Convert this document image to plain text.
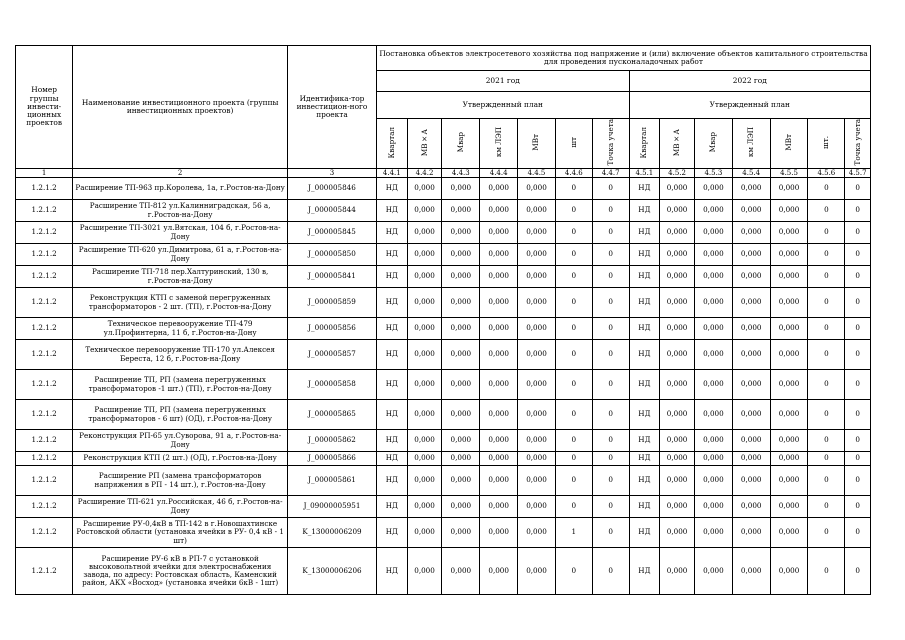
Номер группы инвести-ционных проектов	Наименование инвестиционного проекта (группы инвестиционных проектов)	Идентифика-тор инвестицион-ного проекта	Постановка объектов электросетевого хозяйства под напряжение и (или) включение объектов капитального строительства для проведения пусконаладочных работ													
			2021 год							2022 год						
			Утвержденный план							Утвержденный план						
			Квартал	МВ×А	Мвар	км ЛЭП	МВт	шт	Точка учета	Квартал	МВ×А	Мвар	км ЛЭП	МВт	шт.	Точка учета
1	2	3	4.4.1	4.4.2	4.4.3	4.4.4	4.4.5	4.4.6	4.4.7	4.5.1	4.5.2	4.5.3	4.5.4	4.5.5	4.5.6	4.5.7
1.2.1.2	Расширение ТП-963 пр.Королева, 1а, г.Ростов-на-Дону	J_000005846	НД	0,000	0,000	0,000	0,000	0	0	НД	0,000	0,000	0,000	0,000	0	0
1.2.1.2	Расширение ТП-812 ул.Калинниградская, 56 а, г.Ростов-на-Дону	J_000005844	НД	0,000	0,000	0,000	0,000	0	0	НД	0,000	0,000	0,000	0,000	0	0
1.2.1.2	Расширение ТП-3021 ул.Вятская, 104 б, г.Ростов-на-Дону	J_000005845	НД	0,000	0,000	0,000	0,000	0	0	НД	0,000	0,000	0,000	0,000	0	0
1.2.1.2	Расширение ТП-620 ул.Димитрова, 61 а, г.Ростов-на-Дону	J_000005850	НД	0,000	0,000	0,000	0,000	0	0	НД	0,000	0,000	0,000	0,000	0	0
1.2.1.2	Расширение ТП-718 пер.Халтуринский, 130 в, г.Ростов-на-Дону	J_000005841	НД	0,000	0,000	0,000	0,000	0	0	НД	0,000	0,000	0,000	0,000	0	0
1.2.1.2	Реконструкция КТП с заменой перегруженных трансформаторов - 2 шт. (ТП), г.Ростов-на-Дону	J_000005859	НД	0,000	0,000	0,000	0,000	0	0	НД	0,000	0,000	0,000	0,000	0	0
1.2.1.2	Техническое перевооружение ТП-479 ул.Профинтерна, 11 б, г.Ростов-на-Дону	J_000005856	НД	0,000	0,000	0,000	0,000	0	0	НД	0,000	0,000	0,000	0,000	0	0
1.2.1.2	Техническое перевооружение ТП-170 ул.Алексея Береста, 12 б, г.Ростов-на-Дону	J_000005857	НД	0,000	0,000	0,000	0,000	0	0	НД	0,000	0,000	0,000	0,000	0	0
1.2.1.2	Расширение ТП, РП (замена перегруженных трансформаторов -1 шт.) (ТП), г.Ростов-на-Дону	J_000005858	НД	0,000	0,000	0,000	0,000	0	0	НД	0,000	0,000	0,000	0,000	0	0
1.2.1.2	Расширение ТП, РП (замена перегруженных трансформаторов - 6 шт) (ОД), г.Ростов-на-Дону	J_000005865	НД	0,000	0,000	0,000	0,000	0	0	НД	0,000	0,000	0,000	0,000	0	0
1.2.1.2	Реконструкция РП-65 ул.Суворова, 91 а, г.Ростов-на-Дону	J_000005862	НД	0,000	0,000	0,000	0,000	0	0	НД	0,000	0,000	0,000	0,000	0	0
1.2.1.2	Реконструкция КТП (2 шт.) (ОД), г.Ростов-на-Дону	J_000005866	НД	0,000	0,000	0,000	0,000	0	0	НД	0,000	0,000	0,000	0,000	0	0
1.2.1.2	Расширение РП (замена трансформаторов напряжения в РП - 14 шт.), г.Ростов-на-Дону	J_000005861	НД	0,000	0,000	0,000	0,000	0	0	НД	0,000	0,000	0,000	0,000	0	0
1.2.1.2	Расширение ТП-621 ул.Российская, 46 б, г.Ростов-на-Дону	J_09000005951	НД	0,000	0,000	0,000	0,000	0	0	НД	0,000	0,000	0,000	0,000	0	0
1.2.1.2	Расширение РУ-0,4кВ в ТП-142 в г.Новошахтинске Ростовской области (установка ячейки в РУ- 0,4 кВ - 1 шт)	K_13000006209	НД	0,000	0,000	0,000	0,000	1	0	НД	0,000	0,000	0,000	0,000	0	0
1.2.1.2	Расширение РУ-6 кВ в РП-7 с установкой высоковольтной ячейки для электроснабжения завода, по адресу: Ростовская область, Каменский район, АКХ «Восход» (установка ячейки 6кВ - 1шт)	K_13000006206	НД	0,000	0,000	0,000	0,000	0	0	НД	0,000	0,000	0,000	0,000	0	0
